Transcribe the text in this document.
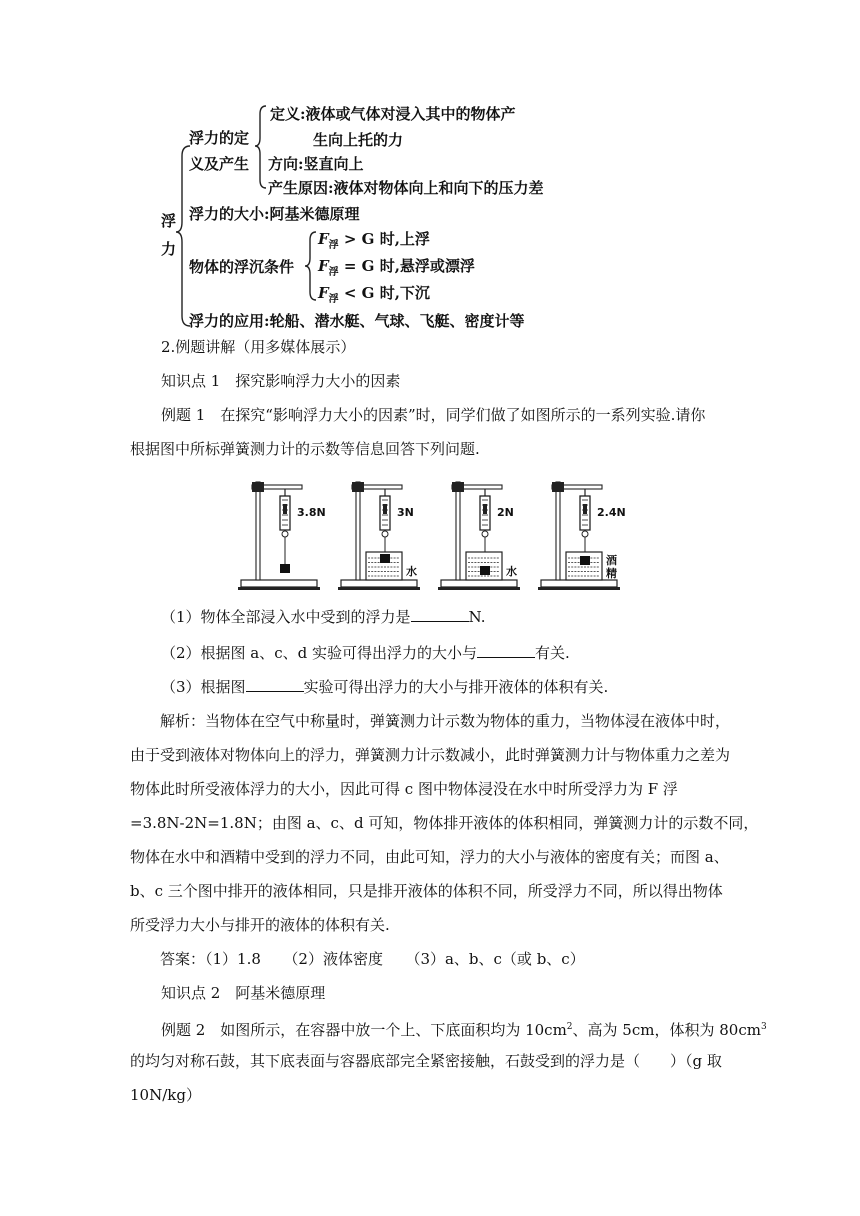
浮
力
浮力的定
义及产生
定义:液体或气体对浸入其中的物体产
生向上托的力
方向:竖直向上
产生原因:液体对物体向上和向下的压力差
浮力的大小:阿基米德原理
物体的浮沉条件
$F_浮 > G$ 时,上浮
$F_浮 = G$ 时,悬浮或漂浮
$F_浮 < G$ 时,下沉
浮力的应用:轮船、潜水艇、气球、飞艇、密度计等
2.例题讲解（用多媒体展示）
知识点 1　探究影响浮力大小的因素
例题 1　在探究“影响浮力大小的因素”时，同学们做了如图所示的一系列实验.请你
根据图中所标弹簧测力计的示数等信息回答下列问题.
3.8N	3N
水
2N
水
2.4N
酒
精
（1）物体全部浸入水中受到的浮力是	N.
（2）根据图 a、c、d 实验可得出浮力的大小与	有关.
（3）根据图	实验可得出浮力的大小与排开液体的体积有关.
　　解析：当物体在空气中称量时，弹簧测力计示数为物体的重力，当物体浸在液体中时，
由于受到液体对物体向上的浮力，弹簧测力计示数减小，此时弹簧测力计与物体重力之差为
物体此时所受液体浮力的大小，因此可得 c 图中物体浸没在水中时所受浮力为 F 浮
=3.8N-2N=1.8N；由图 a、c、d 可知，物体排开液体的体积相同，弹簧测力计的示数不同，
物体在水中和酒精中受到的浮力不同，由此可知，浮力的大小与液体的密度有关；而图 a、
b、c 三个图中排开的液体相同，只是排开液体的体积不同，所受浮力不同，所以得出物体
所受浮力大小与排开的液体的体积有关.
　　答案：（1）1.8　　（2）液体密度　　（3）a、b、c（或 b、c）
知识点 2　阿基米德原理
例题 2　如图所示，在容器中放一个上、下底面积均为 $10cm^2$、高为 5cm，体积为 $80cm^3$
的均匀对称石鼓，其下底表面与容器底部完全紧密接触，石鼓受到的浮力是（　　）（g 取
10N/kg）
